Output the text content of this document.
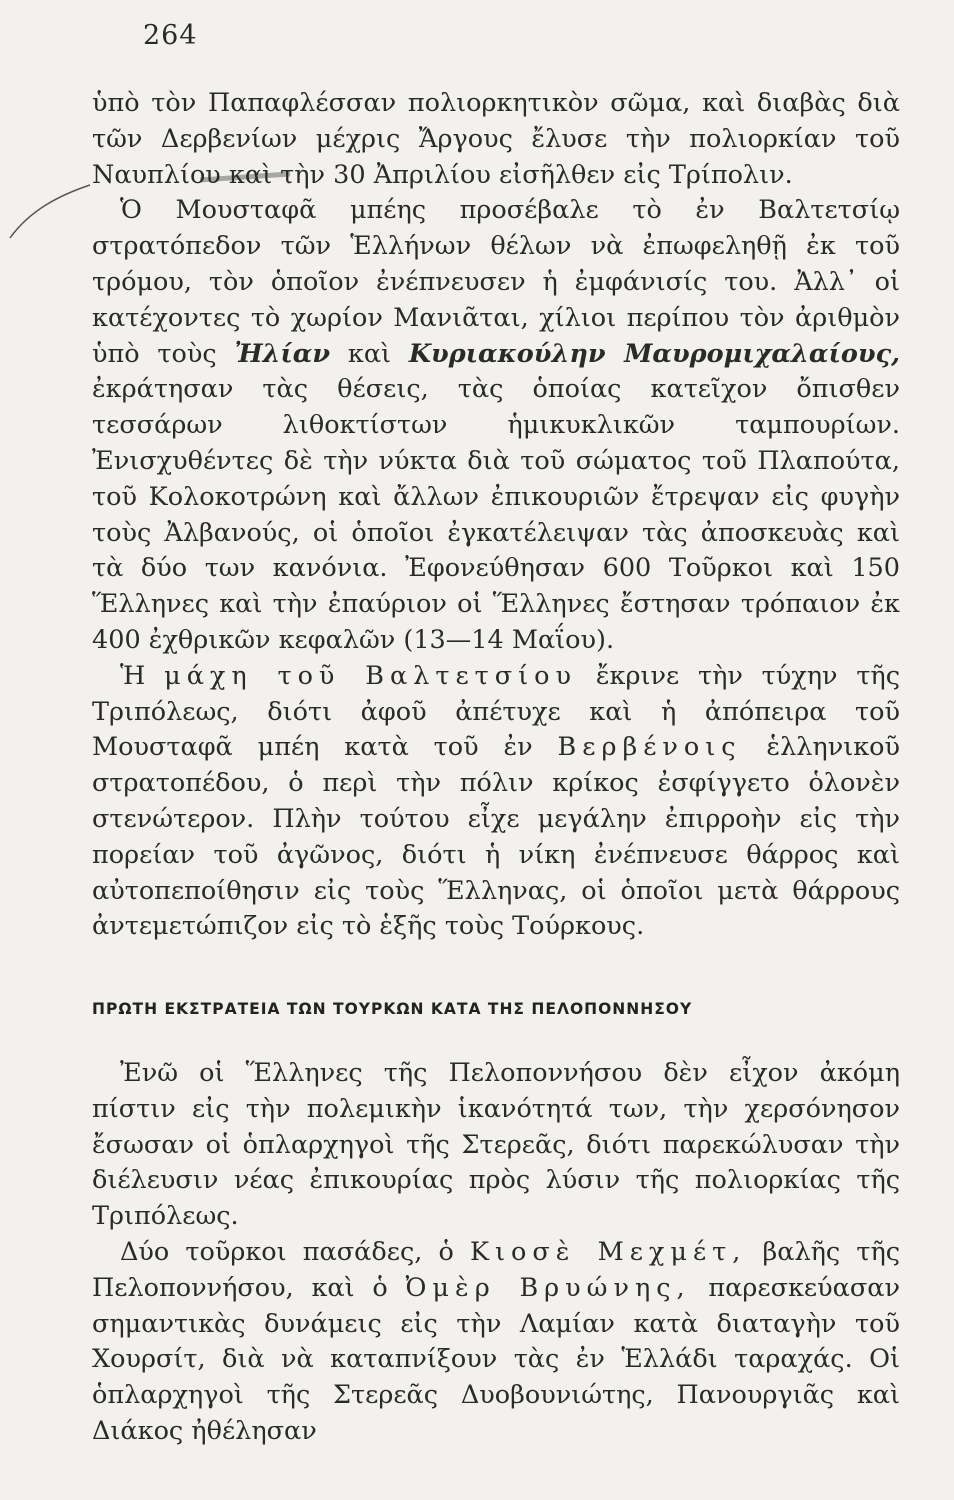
264

ὑπὸ τὸν Παπαφλέσσαν πολιορκητικὸν σῶμα, καὶ διαβὰς διὰ τῶν Δερβενίων μέχρις Ἄργους ἔλυσε τὴν πολιορκίαν τοῦ Ναυπλίου καὶ τὴν 30 Ἀπριλίου εἰσῆλθεν εἰς Τρίπολιν.

Ὁ Μουσταφᾶ μπέης προσέβαλε τὸ ἐν Βαλτετσίῳ στρατόπεδον τῶν Ἑλλήνων θέλων νὰ ἐπωφεληθῇ ἐκ τοῦ τρόμου, τὸν ὁποῖον ἐνέπνευσεν ἡ ἐμφάνισίς του. Ἀλλ᾿ οἱ κατέχοντες τὸ χωρίον Μανιᾶται, χίλιοι περίπου τὸν ἀριθμὸν ὑπὸ τοὺς Ἠλίαν καὶ Κυριακούλην Μαυρομιχαλαίους, ἐκράτησαν τὰς θέσεις, τὰς ὁποίας κατεῖχον ὄπισθεν τεσσάρων λιθοκτίστων ἡμικυκλικῶν ταμπουρίων. Ἐνισχυθέντες δὲ τὴν νύκτα διὰ τοῦ σώματος τοῦ Πλαπούτα, τοῦ Κολοκοτρώνη καὶ ἄλλων ἐπικουριῶν ἔτρεψαν εἰς φυγὴν τοὺς Ἀλβανούς, οἱ ὁποῖοι ἐγκατέλειψαν τὰς ἀποσκευὰς καὶ τὰ δύο των κανόνια. Ἐφονεύθησαν 600 Τοῦρκοι καὶ 150 Ἕλληνες καὶ τὴν ἐπαύριον οἱ Ἕλληνες ἔστησαν τρόπαιον ἐκ 400 ἐχθρικῶν κεφαλῶν (13—14 Μαΐου).

Ἡ μάχη τοῦ Βαλτετσίου ἔκρινε τὴν τύχην τῆς Τριπόλεως, διότι ἀφοῦ ἀπέτυχε καὶ ἡ ἀπόπειρα τοῦ Μουσταφᾶ μπέη κατὰ τοῦ ἐν Βερβένοις ἑλληνικοῦ στρατοπέδου, ὁ περὶ τὴν πόλιν κρίκος ἐσφίγγετο ὁλονὲν στενώτερον. Πλὴν τούτου εἶχε μεγάλην ἐπιρροὴν εἰς τὴν πορείαν τοῦ ἀγῶνος, διότι ἡ νίκη ἐνέπνευσε θάρρος καὶ αὐτοπεποίθησιν εἰς τοὺς Ἕλληνας, οἱ ὁποῖοι μετὰ θάρρους ἀντεμετώπιζον εἰς τὸ ἑξῆς τοὺς Τούρκους.

ΠΡΩΤΗ ΕΚΣΤΡΑΤΕΙΑ ΤΩΝ ΤΟΥΡΚΩΝ ΚΑΤΑ ΤΗΣ ΠΕΛΟΠΟΝΝΗΣΟΥ

Ἐνῶ οἱ Ἕλληνες τῆς Πελοποννήσου δὲν εἶχον ἀκόμη πίστιν εἰς τὴν πολεμικὴν ἱκανότητά των, τὴν χερσόνησον ἔσωσαν οἱ ὁπλαρχηγοὶ τῆς Στερεᾶς, διότι παρεκώλυσαν τὴν διέλευσιν νέας ἐπικουρίας πρὸς λύσιν τῆς πολιορκίας τῆς Τριπόλεως.

Δύο τοῦρκοι πασάδες, ὁ Κιοσὲ Μεχμέτ, βαλῆς τῆς Πελοποννήσου, καὶ ὁ Ὀμὲρ Βρυώνης, παρεσκεύασαν σημαντικὰς δυνάμεις εἰς τὴν Λαμίαν κατὰ διαταγὴν τοῦ Χουρσίτ, διὰ νὰ καταπνίξουν τὰς ἐν Ἑλλάδι ταραχάς. Οἱ ὁπλαρχηγοὶ τῆς Στερεᾶς Δυοβουνιώτης, Πανουργιᾶς καὶ Διάκος ἠθέλησαν
